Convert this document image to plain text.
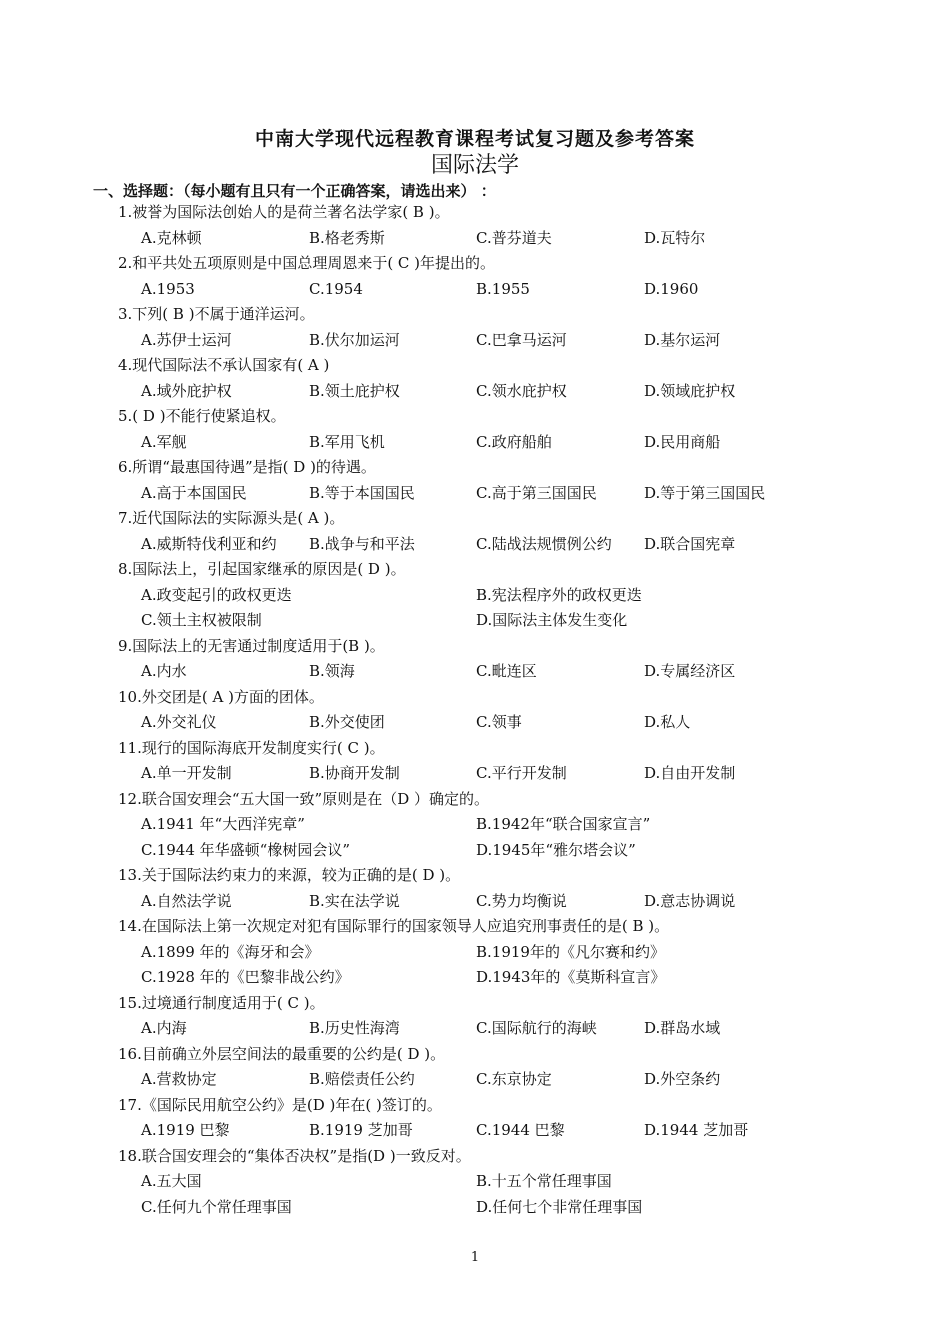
中南大学现代远程教育课程考试复习题及参考答案
国际法学
一、选择题：（每小题有且只有一个正确答案，请选出来） ：
1.被誉为国际法创始人的是荷兰著名法学家( B )。
A.克林顿	B.格老秀斯	C.普芬道夫	D.瓦特尔
2.和平共处五项原则是中国总理周恩来于( C )年提出的。
A.1953	C.1954	B.1955	D.1960
3.下列( B )不属于通洋运河。
A.苏伊士运河	B.伏尔加运河	C.巴拿马运河	D.基尔运河
4.现代国际法不承认国家有( A )
A.域外庇护权	B.领土庇护权	C.领水庇护权	D.领域庇护权
5.( D )不能行使紧追权。
A.军舰	B.军用飞机	C.政府船舶	D.民用商船
6.所谓“最惠国待遇”是指( D )的待遇。
A.高于本国国民	B.等于本国国民	C.高于第三国国民	D.等于第三国国民
7.近代国际法的实际源头是( A )。
A.威斯特伐利亚和约 B.战争与和平法	C.陆战法规惯例公约 D.联合国宪章
8.国际法上，引起国家继承的原因是( D )。
A.政变起引的政权更迭	B.宪法程序外的政权更迭
C.领土主权被限制	D.国际法主体发生变化
9.国际法上的无害通过制度适用于(B )。
A.内水	B.领海	C.毗连区	D.专属经济区
10.外交团是( A )方面的团体。
A.外交礼仪	B.外交使团	C.领事	D.私人
11.现行的国际海底开发制度实行( C )。
A.单一开发制	B.协商开发制	C.平行开发制	D.自由开发制
12.联合国安理会“五大国一致”原则是在（D ）确定的。
A.1941 年“大西洋宪章”	B.1942年“联合国家宣言”
C.1944 年华盛顿“橡树园会议”	D.1945年“雅尔塔会议”
13.关于国际法约束力的来源，较为正确的是( D )。
A.自然法学说	B.实在法学说	C.势力均衡说	D.意志协调说
14.在国际法上第一次规定对犯有国际罪行的国家领导人应追究刑事责任的是( B )。
A.1899 年的《海牙和会》	B.1919年的《凡尔赛和约》
C.1928 年的《巴黎非战公约》	D.1943年的《莫斯科宣言》
15.过境通行制度适用于( C )。
A.内海	B.历史性海湾	C.国际航行的海峡	D.群岛水域
16.目前确立外层空间法的最重要的公约是( D )。
A.营救协定	B.赔偿责任公约	C.东京协定	D.外空条约
17.《国际民用航空公约》是(D )年在( )签订的。
A.1919 巴黎	B.1919 芝加哥	C.1944 巴黎	D.1944 芝加哥
18.联合国安理会的“集体否决权”是指(D )一致反对。
A.五大国	B.十五个常任理事国
C.任何九个常任理事国	D.任何七个非常任理事国
1
